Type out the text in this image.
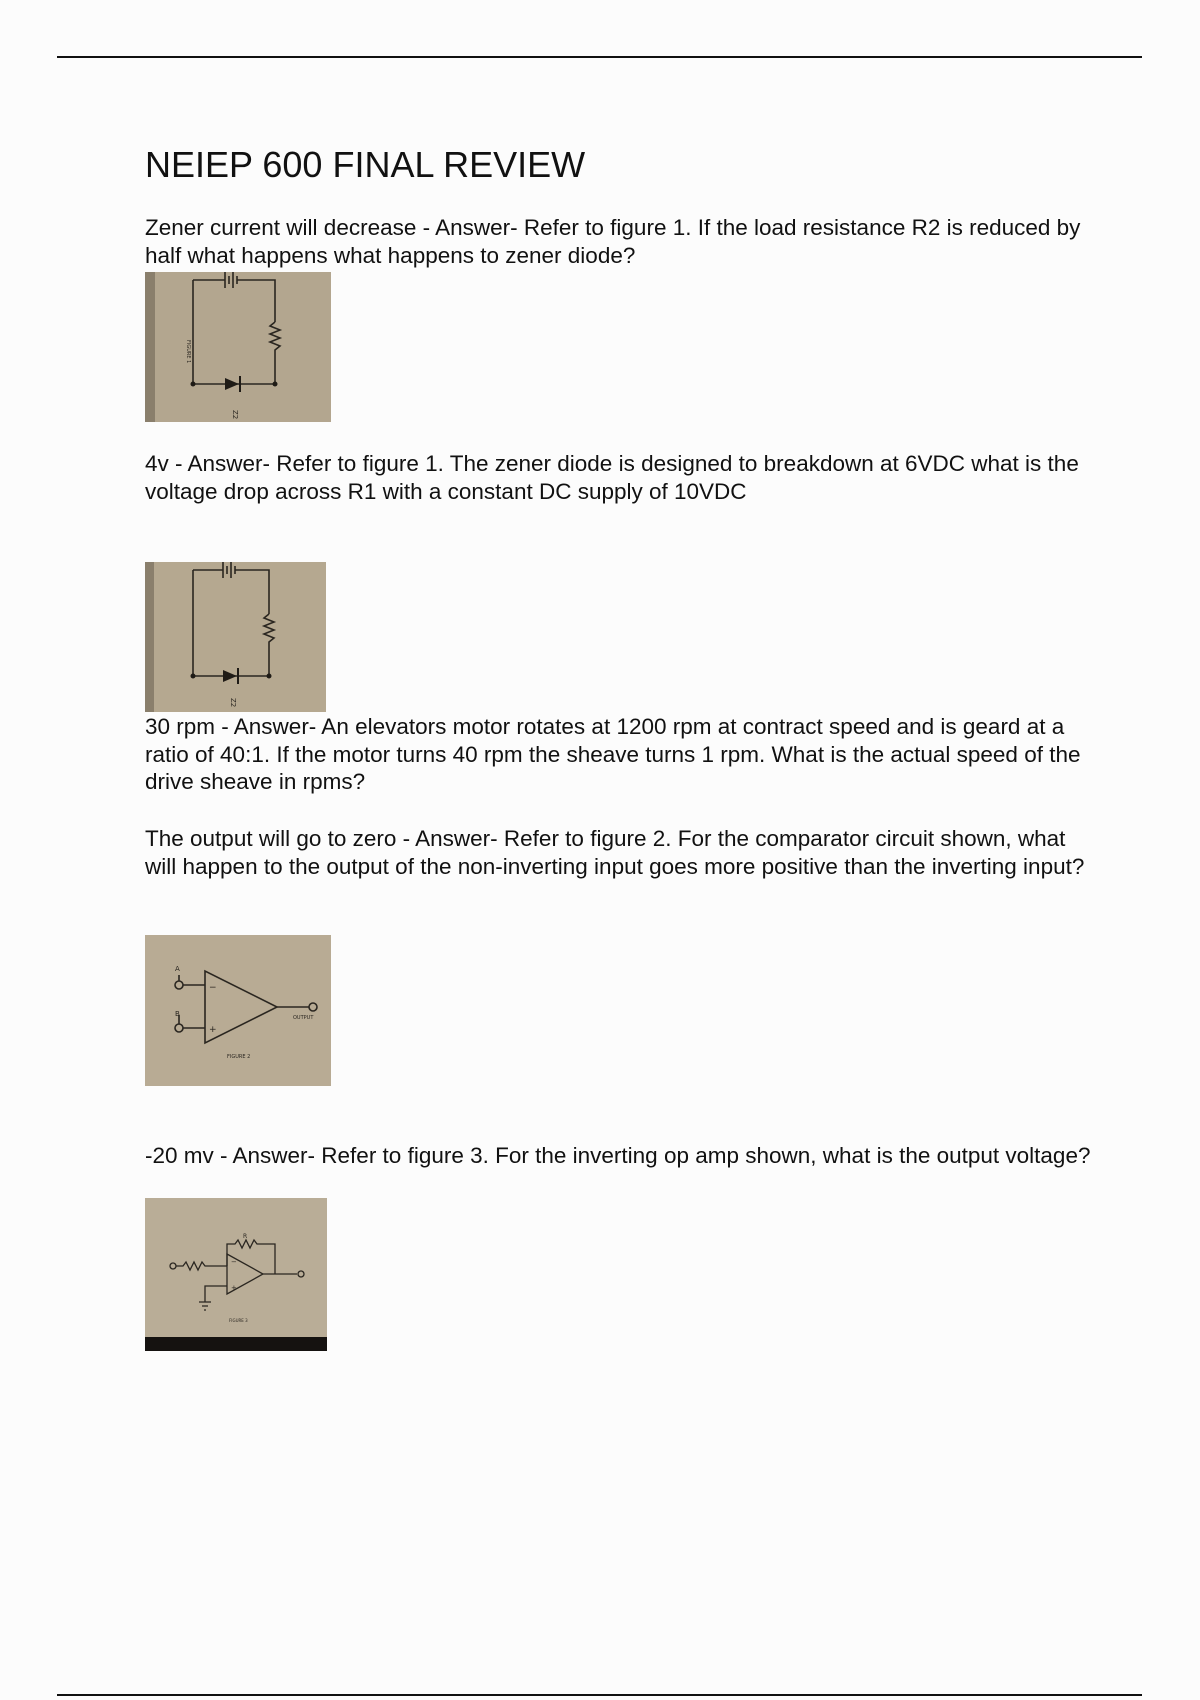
NEIEP 600 FINAL REVIEW

Zener current will decrease - Answer- Refer to figure 1. If the load resistance R2 is reduced by half what happens what happens to zener diode?

Z2
FIGURE 1

4v - Answer- Refer to figure 1. The zener diode is designed to breakdown at 6VDC what is the voltage drop across R1 with a constant DC supply of 10VDC

Z2

30 rpm - Answer- An elevators motor rotates at 1200 rpm at contract speed and is geard at a ratio of 40:1. If the motor turns 40 rpm the sheave turns 1 rpm. What is the actual speed of the drive sheave in rpms?

The output will go to zero - Answer- Refer to figure 2. For the comparator circuit shown, what will happen to the output of the non-inverting input goes more positive than the inverting input?

−
+
A
B	OUTPUT
FIGURE 2

-20 mv - Answer- Refer to figure 3. For the inverting op amp shown, what is the output voltage?

R
−
+
FIGURE 3
